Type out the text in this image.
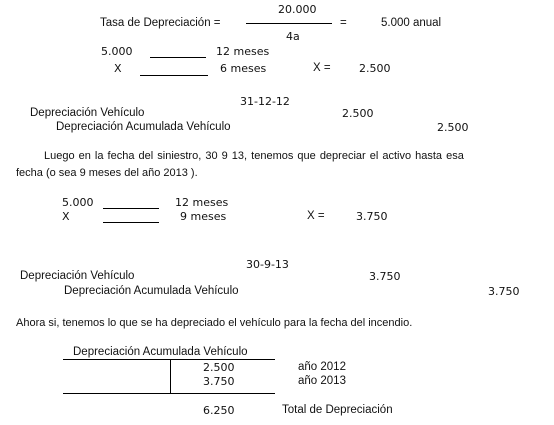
Tasa de Depreciación =
20.000
4a
=	5.000 anual
5.000	12 meses
X	6 meses	X =	2.500
31-12-12
Depreciación Vehículo	2.500
Depreciación Acumulada Vehículo	2.500
Luego en la fecha del siniestro, 30 9 13, tenemos que depreciar el activo hasta esa
fecha (o sea 9 meses del año 2013 ).
5.000	12 meses
X	9 meses	X =	3.750
30-9-13
Depreciación Vehículo	3.750
Depreciación Acumulada Vehículo	3.750
Ahora si, tenemos lo que se ha depreciado el vehículo para la fecha del incendio.
Depreciación Acumulada Vehículo
2.500	año 2012
3.750	año 2013
6.250	Total de Depreciación
